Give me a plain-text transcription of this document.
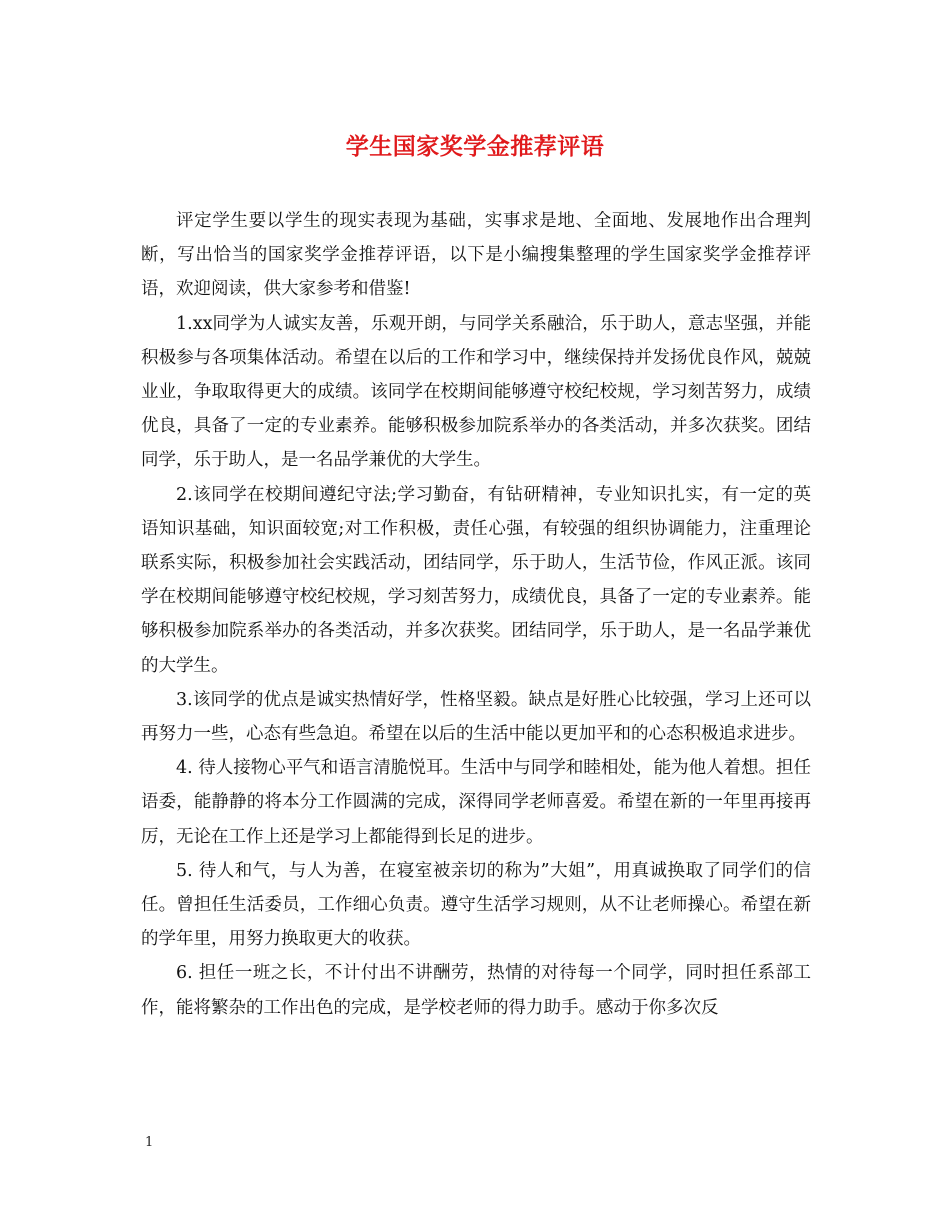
学生国家奖学金推荐评语

评定学生要以学生的现实表现为基础，实事求是地、全面地、发展地作出合理判断，写出恰当的国家奖学金推荐评语，以下是小编搜集整理的学生国家奖学金推荐评语，欢迎阅读，供大家参考和借鉴!

1.xx同学为人诚实友善，乐观开朗，与同学关系融洽，乐于助人，意志坚强，并能积极参与各项集体活动。希望在以后的工作和学习中，继续保持并发扬优良作风，兢兢业业，争取取得更大的成绩。该同学在校期间能够遵守校纪校规，学习刻苦努力，成绩优良，具备了一定的专业素养。能够积极参加院系举办的各类活动，并多次获奖。团结同学，乐于助人，是一名品学兼优的大学生。

2.该同学在校期间遵纪守法;学习勤奋，有钻研精神，专业知识扎实，有一定的英语知识基础，知识面较宽;对工作积极，责任心强，有较强的组织协调能力，注重理论联系实际，积极参加社会实践活动，团结同学，乐于助人，生活节俭，作风正派。该同学在校期间能够遵守校纪校规，学习刻苦努力，成绩优良，具备了一定的专业素养。能够积极参加院系举办的各类活动，并多次获奖。团结同学，乐于助人，是一名品学兼优的大学生。

3.该同学的优点是诚实热情好学，性格坚毅。缺点是好胜心比较强，学习上还可以再努力一些，心态有些急迫。希望在以后的生活中能以更加平和的心态积极追求进步。

4. 待人接物心平气和语言清脆悦耳。生活中与同学和睦相处，能为他人着想。担任语委，能静静的将本分工作圆满的完成，深得同学老师喜爱。希望在新的一年里再接再厉，无论在工作上还是学习上都能得到长足的进步。

5. 待人和气，与人为善，在寝室被亲切的称为”大姐”，用真诚换取了同学们的信任。曾担任生活委员，工作细心负责。遵守生活学习规则，从不让老师操心。希望在新的学年里，用努力换取更大的收获。

6. 担任一班之长，不计付出不讲酬劳，热情的对待每一个同学，同时担任系部工作，能将繁杂的工作出色的完成，是学校老师的得力助手。感动于你多次反

1
